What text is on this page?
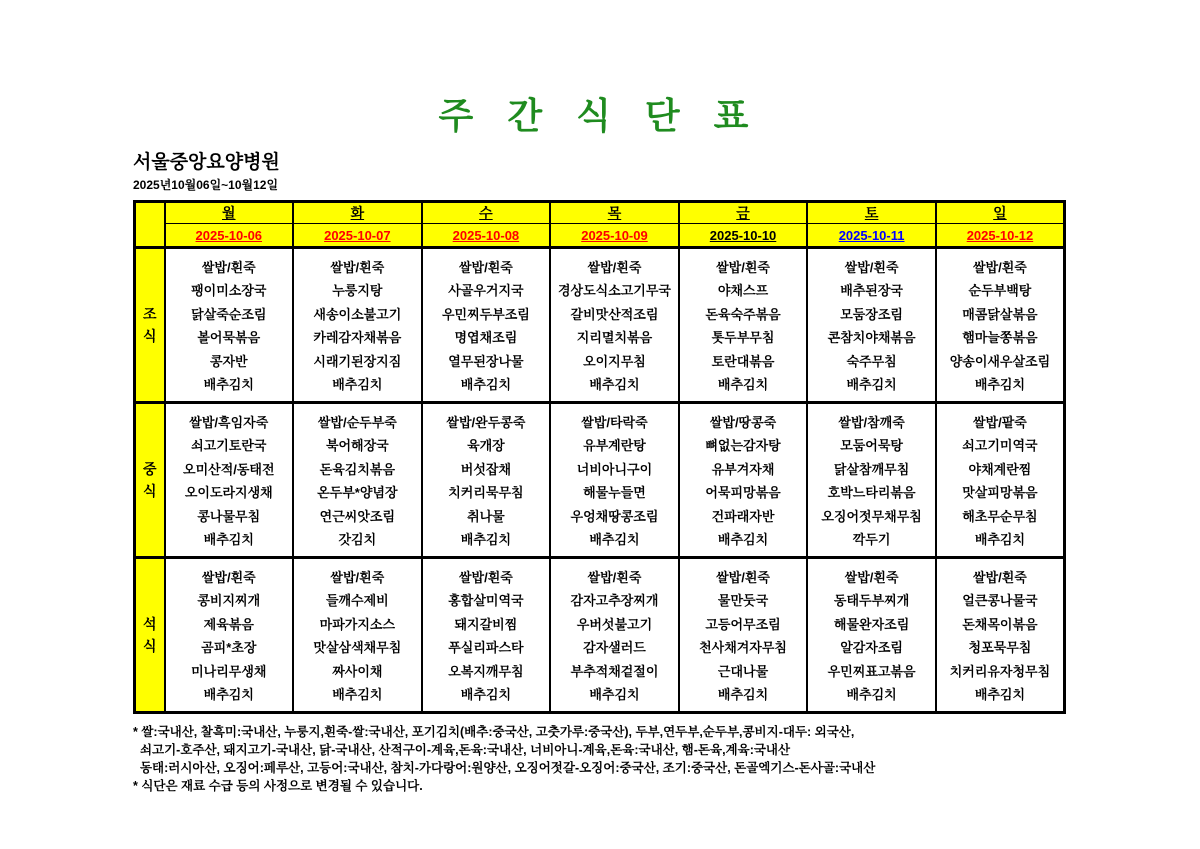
주 간 식 단 표
서울중앙요양병원
2025년10월06일~10월12일
	월	화	수	목	금	토	일
	2025-10-06	2025-10-07	2025-10-08	2025-10-09	2025-10-10	2025-10-11	2025-10-12
조식	
쌀밥/흰죽
팽이미소장국
닭살죽순조림
볼어묵볶음
콩자반
배추김치

쌀밥/흰죽
누룽지탕
새송이소불고기
카레감자채볶음
시래기된장지짐
배추김치

쌀밥/흰죽
사골우거지국
우민찌두부조림
명엽채조림
열무된장나물
배추김치

쌀밥/흰죽
경상도식소고기무국
갈비맛산적조림
지리멸치볶음
오이지무침
배추김치

쌀밥/흰죽
야채스프
돈육숙주볶음
톳두부무침
토란대볶음
배추김치

쌀밥/흰죽
배추된장국
모둠장조림
콘참치야채볶음
숙주무침
배추김치

쌀밥/흰죽
순두부백탕
매콤닭살볶음
햄마늘쫑볶음
양송이새우살조림
배추김치

중식	
쌀밥/흑임자죽
쇠고기토란국
오미산적/동태전
오이도라지생채
콩나물무침
배추김치

쌀밥/순두부죽
북어해장국
돈육김치볶음
온두부*양념장
연근씨앗조림
갓김치

쌀밥/완두콩죽
육개장
버섯잡채
치커리묵무침
취나물
배추김치

쌀밥/타락죽
유부계란탕
너비아니구이
해물누들면
우엉채땅콩조림
배추김치

쌀밥/땅콩죽
뼈없는감자탕
유부겨자채
어묵피망볶음
건파래자반
배추김치

쌀밥/참깨죽
모둠어묵탕
닭살참깨무침
호박느타리볶음
오징어젓무채무침
깍두기

쌀밥/팥죽
쇠고기미역국
야채계란찜
맛살피망볶음
해초무순무침
배추김치

석식	
쌀밥/흰죽
콩비지찌개
제육볶음
곰피*초장
미나리무생채
배추김치

쌀밥/흰죽
들깨수제비
마파가지소스
맛살삼색채무침
짜사이채
배추김치

쌀밥/흰죽
홍합살미역국
돼지갈비찜
푸실리파스타
오복지깨무침
배추김치

쌀밥/흰죽
감자고추장찌개
우버섯불고기
감자샐러드
부추적채겉절이
배추김치

쌀밥/흰죽
물만둣국
고등어무조림
천사채겨자무침
근대나물
배추김치

쌀밥/흰죽
동태두부찌개
해물완자조림
알감자조림
우민찌표고볶음
배추김치

쌀밥/흰죽
얼큰콩나물국
돈채목이볶음
청포묵무침
치커리유자청무침
배추김치
* 쌀:국내산, 찰흑미:국내산, 누룽지,흰죽-쌀:국내산, 포기김치(배추:중국산, 고춧가루:중국산), 두부,연두부,순두부,콩비지-대두: 외국산,
쇠고기-호주산, 돼지고기-국내산, 닭-국내산, 산적구이-계육,돈육:국내산, 너비아니-계육,돈육:국내산, 햄-돈육,계육:국내산
동태:러시아산, 오징어:페루산, 고등어:국내산, 참치-가다랑어:원양산, 오징어젓갈-오징어:중국산, 조기:중국산, 돈골엑기스-돈사골:국내산
* 식단은 재료 수급 등의 사정으로 변경될 수 있습니다.
